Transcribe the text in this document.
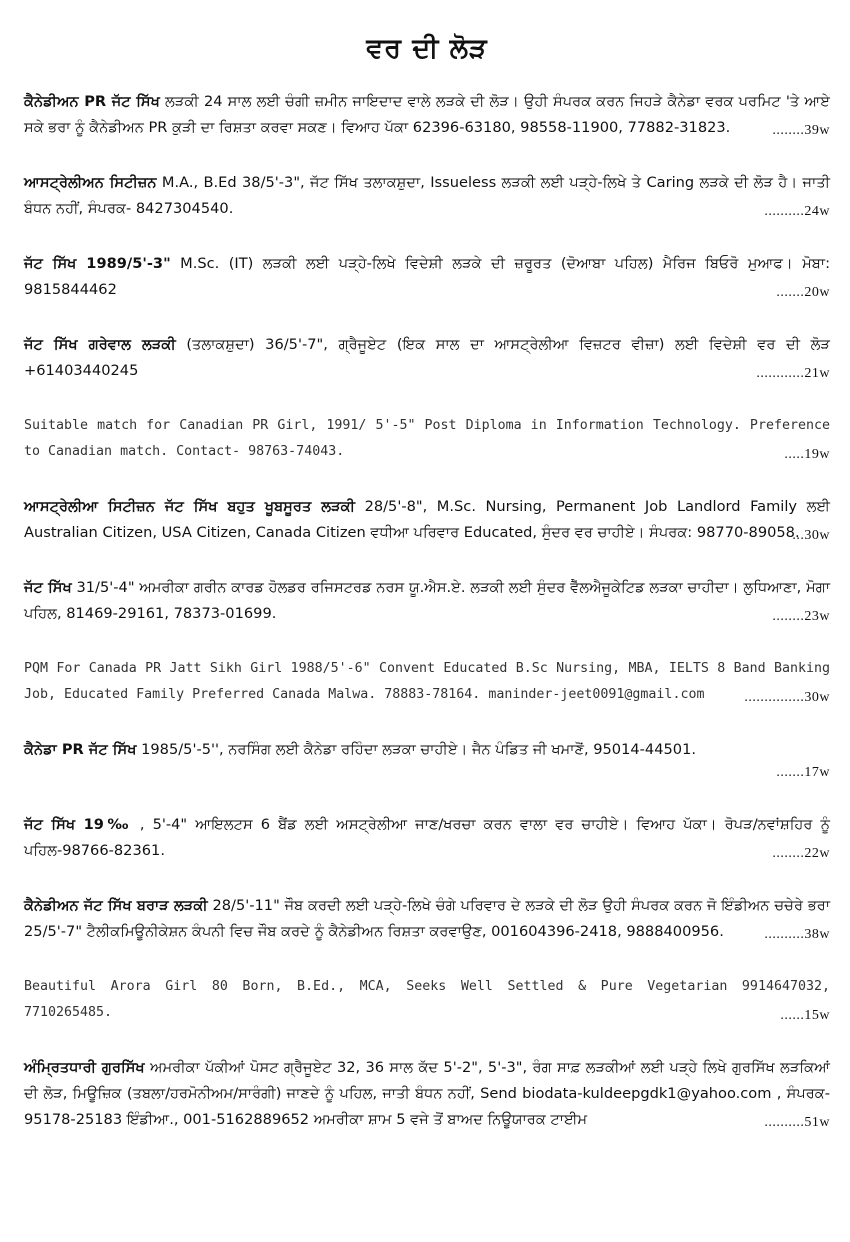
ਵਰ ਦੀ ਲੋੜ
ਕੈਨੇਡੀਅਨ PR ਜੱਟ ਸਿੱਖ ਲੜਕੀ 24 ਸਾਲ ਲਈ ਚੰਗੀ ਜ਼ਮੀਨ ਜਾਇਦਾਦ ਵਾਲੇ ਲੜਕੇ ਦੀ ਲੋੜ। ਉਹੀ ਸੰਪਰਕ ਕਰਨ ਜਿਹੜੇ ਕੈਨੇਡਾ ਵਰਕ ਪਰਮਿਟ 'ਤੇ ਆਏ ਸਕੇ ਭਰਾ ਨੂੰ ਕੈਨੇਡੀਅਨ PR ਕੁੜੀ ਦਾ ਰਿਸ਼ਤਾ ਕਰਵਾ ਸਕਣ। ਵਿਆਹ ਪੱਕਾ 62396-63180, 98558-11900, 77882-31823.	........39w
ਆਸਟ੍ਰੇਲੀਅਨ ਸਿਟੀਜ਼ਨ M.A., B.Ed 38/5'-3", ਜੱਟ ਸਿੱਖ ਤਲਾਕਸ਼ੁਦਾ, Issueless ਲੜਕੀ ਲਈ ਪੜ੍ਹੇ-ਲਿਖੇ ਤੇ Caring ਲੜਕੇ ਦੀ ਲੋੜ ਹੈ। ਜਾਤੀ ਬੰਧਨ ਨਹੀਂ, ਸੰਪਰਕ- 8427304540.	..........24w
ਜੱਟ ਸਿੱਖ 1989/5'-3" M.Sc. (IT) ਲੜਕੀ ਲਈ ਪੜ੍ਹੇ-ਲਿਖੇ ਵਿਦੇਸ਼ੀ ਲੜਕੇ ਦੀ ਜ਼ਰੂਰਤ (ਦੋਆਬਾ ਪਹਿਲ) ਮੈਰਿਜ ਬਿਓਰੋ ਮੁਆਫ। ਮੋਬਾ: 9815844462	.......20w
ਜੱਟ ਸਿੱਖ ਗਰੇਵਾਲ ਲੜਕੀ (ਤਲਾਕਸ਼ੁਦਾ) 36/5'-7", ਗ੍ਰੈਜੂਏਟ (ਇਕ ਸਾਲ ਦਾ ਆਸਟ੍ਰੇਲੀਆ ਵਿਜ਼ਟਰ ਵੀਜ਼ਾ) ਲਈ ਵਿਦੇਸ਼ੀ ਵਰ ਦੀ ਲੋੜ +61403440245	............21w
Suitable match for Canadian PR Girl, 1991/ 5'-5" Post Diploma in Information Technology. Preference to Canadian match. Contact- 98763-74043.	.....19w
ਆਸਟ੍ਰੇਲੀਆ ਸਿਟੀਜ਼ਨ ਜੱਟ ਸਿੱਖ ਬਹੁਤ ਖੂਬਸੂਰਤ ਲੜਕੀ 28/5'-8", M.Sc. Nursing, Permanent Job Landlord Family ਲਈ Australian Citizen, USA Citizen, Canada Citizen ਵਧੀਆ ਪਰਿਵਾਰ Educated, ਸੁੰਦਰ ਵਰ ਚਾਹੀਏ। ਸੰਪਰਕ: 98770-89058.
...30w
ਜੱਟ ਸਿੱਖ 31/5'-4" ਅਮਰੀਕਾ ਗਰੀਨ ਕਾਰਡ ਹੋਲਡਰ ਰਜਿਸਟਰਡ ਨਰਸ ਯੂ.ਐਸ.ਏ. ਲੜਕੀ ਲਈ ਸੁੰਦਰ ਵੈੱਲਐਜੂਕੇਟਿਡ ਲੜਕਾ ਚਾਹੀਦਾ। ਲੁਧਿਆਣਾ, ਮੋਗਾ ਪਹਿਲ, 81469-29161, 78373-01699.	........23w
PQM For Canada PR Jatt Sikh Girl 1988/5'-6" Convent Educated B.Sc Nursing, MBA, IELTS 8 Band Banking Job, Educated Family Preferred Canada Malwa. 78883-78164. maninder-jeet0091@gmail.com	...............30w
ਕੈਨੇਡਾ PR ਜੱਟ ਸਿੱਖ 1985/5'-5'', ਨਰਸਿੰਗ ਲਈ ਕੈਨੇਡਾ ਰਹਿੰਦਾ ਲੜਕਾ ਚਾਹੀਏ। ਜੈਨ ਪੰਡਿਤ ਜੀ ਖਮਾਣੋਂ, 95014-44501.
.......17w
ਜੱਟ ਸਿੱਖ 19‰ , 5'-4" ਆਇਲਟਸ 6 ਬੈਂਡ ਲਈ ਅਸਟ੍ਰੇਲੀਆ ਜਾਣ/ਖਰਚਾ ਕਰਨ ਵਾਲਾ ਵਰ ਚਾਹੀਏ। ਵਿਆਹ ਪੱਕਾ। ਰੋਪੜ/ਨਵਾਂਸ਼ਹਿਰ ਨੂੰ ਪਹਿਲ-98766-82361.	........22w
ਕੈਨੇਡੀਅਨ ਜੱਟ ਸਿੱਖ ਬਰਾੜ ਲੜਕੀ 28/5'-11" ਜੌਬ ਕਰਦੀ ਲਈ ਪੜ੍ਹੇ-ਲਿਖੇ ਚੰਗੇ ਪਰਿਵਾਰ ਦੇ ਲੜਕੇ ਦੀ ਲੋੜ ਉਹੀ ਸੰਪਰਕ ਕਰਨ ਜੋ ਇੰਡੀਅਨ ਚਚੇਰੇ ਭਰਾ 25/5'-7" ਟੈਲੀਕਮਿਊਨੀਕੇਸ਼ਨ ਕੰਪਨੀ ਵਿਚ ਜੌਬ ਕਰਦੇ ਨੂੰ ਕੈਨੇਡੀਅਨ ਰਿਸ਼ਤਾ ਕਰਵਾਉਣ, 001604396-2418, 9888400956.	..........38w
Beautiful Arora Girl 80 Born, B.Ed., MCA, Seeks Well Settled & Pure Vegetarian 9914647032, 7710265485.	......15w
ਅੰਮ੍ਰਿਤਧਾਰੀ ਗੁਰਸਿੱਖ ਅਮਰੀਕਾ ਪੱਕੀਆਂ ਪੋਸਟ ਗ੍ਰੈਜੂਏਟ 32, 36 ਸਾਲ ਕੱਦ 5'-2", 5'-3", ਰੰਗ ਸਾਫ਼ ਲੜਕੀਆਂ ਲਈ ਪੜ੍ਹੇ ਲਿਖੇ ਗੁਰਸਿੱਖ ਲੜਕਿਆਂ ਦੀ ਲੋੜ, ਮਿਊਜ਼ਿਕ (ਤਬਲਾ/ਹਰਮੋਨੀਅਮ/ਸਾਰੰਗੀ) ਜਾਣਦੇ ਨੂੰ ਪਹਿਲ, ਜਾਤੀ ਬੰਧਨ ਨਹੀਂ, Send biodata-kuldeepgdk1@yahoo.com , ਸੰਪਰਕ- 95178-25183 ਇੰਡੀਆ., 001-5162889652 ਅਮਰੀਕਾ ਸ਼ਾਮ 5 ਵਜੇ ਤੋਂ ਬਾਅਦ ਨਿਊਯਾਰਕ ਟਾਈਮ	..........51w
